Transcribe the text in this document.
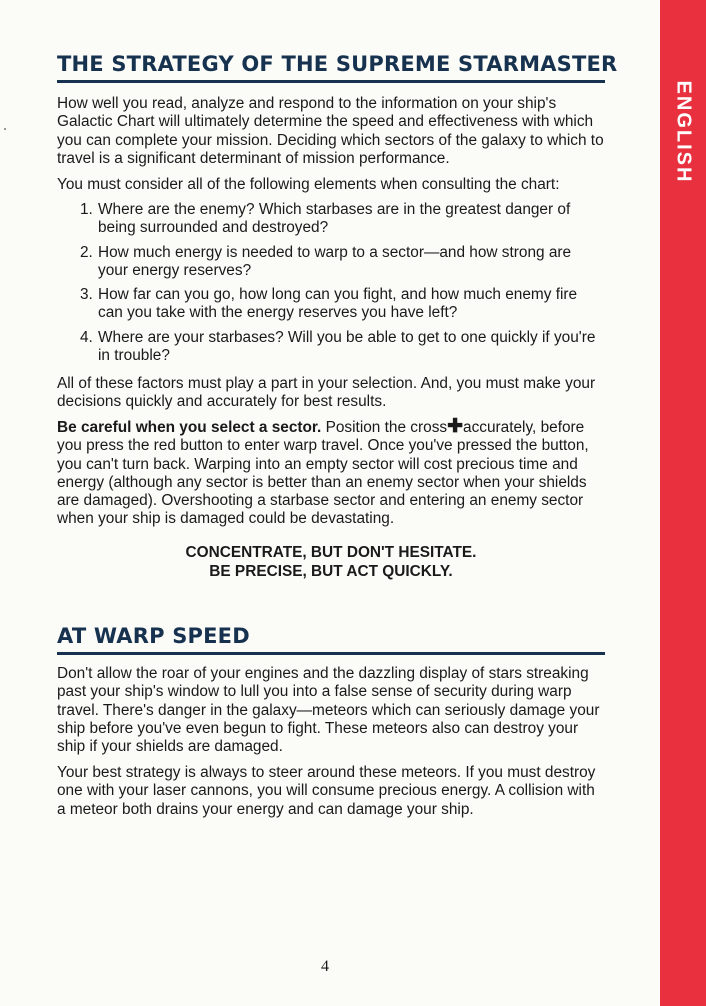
ENGLISH
THE STRATEGY OF THE SUPREME STARMASTER

How well you read, analyze and respond to the information on your ship's Galactic Chart will ultimately determine the speed and effectiveness with which you can complete your mission. Deciding which sectors of the galaxy to which to travel is a significant determinant of mission performance.

You must consider all of the following elements when consulting the chart:

1. Where are the enemy? Which starbases are in the greatest danger of being surrounded and destroyed?
2. How much energy is needed to warp to a sector—and how strong are your energy reserves?
3. How far can you go, how long can you fight, and how much enemy fire can you take with the energy reserves you have left?
4. Where are your starbases? Will you be able to get to one quickly if you're in trouble?

All of these factors must play a part in your selection. And, you must make your decisions quickly and accurately for best results.

Be careful when you select a sector. Position the cross✚accurately, before you press the red button to enter warp travel. Once you've pressed the button, you can't turn back. Warping into an empty sector will cost precious time and energy (although any sector is better than an enemy sector when your shields are damaged). Overshooting a starbase sector and entering an enemy sector when your ship is damaged could be devastating.

CONCENTRATE, BUT DON'T HESITATE.
BE PRECISE, BUT ACT QUICKLY.
AT WARP SPEED

Don't allow the roar of your engines and the dazzling display of stars streaking past your ship's window to lull you into a false sense of security during warp travel. There's danger in the galaxy—meteors which can seriously damage your ship before you've even begun to fight. These meteors also can destroy your ship if your shields are damaged.

Your best strategy is always to steer around these meteors. If you must destroy one with your laser cannons, you will consume precious energy. A collision with a meteor both drains your energy and can damage your ship.

4
